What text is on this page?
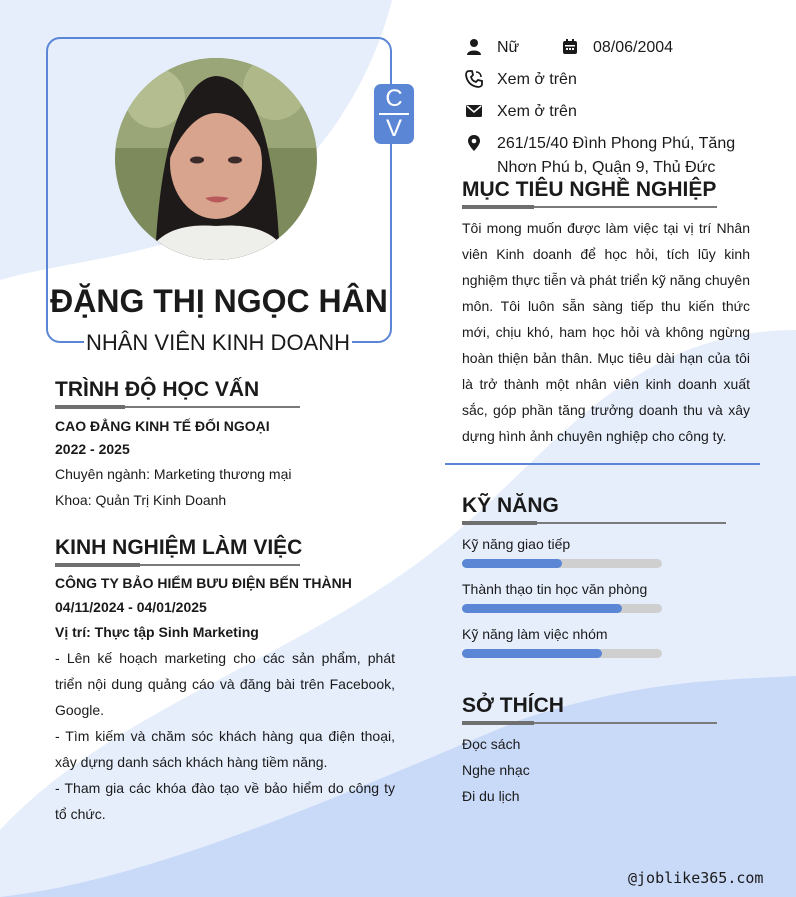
C
V
ĐẶNG THỊ NGỌC HÂN
NHÂN VIÊN KINH DOANH
Nữ	08/06/2004
Xem ở trên
Xem ở trên
261/15/40 Đình Phong Phú, Tăng
Nhơn Phú b, Quận 9, Thủ Đức
MỤC TIÊU NGHỀ NGHIỆP
Tôi mong muốn được làm việc tại vị trí Nhân viên Kinh doanh để học hỏi, tích lũy kinh nghiệm thực tiễn và phát triển kỹ năng chuyên môn. Tôi luôn sẵn sàng tiếp thu kiến thức mới, chịu khó, ham học hỏi và không ngừng hoàn thiện bản thân. Mục tiêu dài hạn của tôi là trở thành một nhân viên kinh doanh xuất sắc, góp phần tăng trưởng doanh thu và xây dựng hình ảnh chuyên nghiệp cho công ty.
KỸ NĂNG
Kỹ năng giao tiếp
Thành thạo tin học văn phòng
Kỹ năng làm việc nhóm
SỞ THÍCH
Đọc sách
Nghe nhạc
Đi du lịch
TRÌNH ĐỘ HỌC VẤN
CAO ĐẲNG KINH TẾ ĐỐI NGOẠI
2022 - 2025
Chuyên ngành: Marketing thương mại
Khoa: Quản Trị Kinh Doanh
KINH NGHIỆM LÀM VIỆC
CÔNG TY BẢO HIỂM BƯU ĐIỆN BẾN THÀNH
04/11/2024 - 04/01/2025
Vị trí: Thực tập Sinh Marketing
- Lên kế hoạch marketing cho các sản phẩm, phát triển nội dung quảng cáo và đăng bài trên Facebook, Google.
- Tìm kiếm và chăm sóc khách hàng qua điện thoại, xây dựng danh sách khách hàng tiềm năng.
- Tham gia các khóa đào tạo về bảo hiểm do công ty tổ chức.
@joblike365.com
